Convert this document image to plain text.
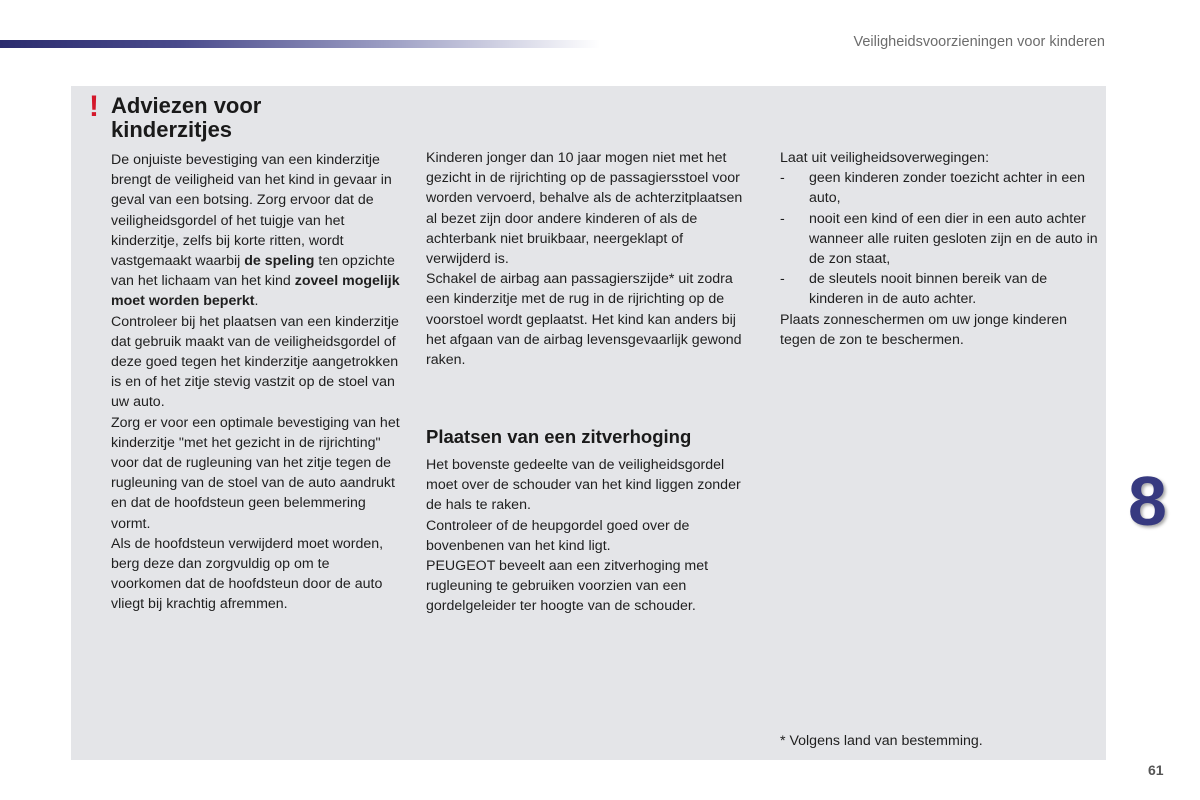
Veiligheidsvoorzieningen voor kinderen
! Adviezen voor kinderzitjes

De onjuiste bevestiging van een kinderzitje brengt de veiligheid van het kind in gevaar in geval van een botsing. Zorg ervoor dat de veiligheidsgordel of het tuigje van het kinderzitje, zelfs bij korte ritten, wordt vastgemaakt waarbij de speling ten opzichte van het lichaam van het kind zoveel mogelijk moet worden beperkt.

Controleer bij het plaatsen van een kinderzitje dat gebruik maakt van de veiligheidsgordel of deze goed tegen het kinderzitje aangetrokken is en of het zitje stevig vastzit op de stoel van uw auto.

Zorg er voor een optimale bevestiging van het kinderzitje "met het gezicht in de rijrichting" voor dat de rugleuning van het zitje tegen de rugleuning van de stoel van de auto aandrukt en dat de hoofdsteun geen belemmering vormt.

Als de hoofdsteun verwijderd moet worden, berg deze dan zorgvuldig op om te voorkomen dat de hoofdsteun door de auto vliegt bij krachtig afremmen.

Kinderen jonger dan 10 jaar mogen niet met het gezicht in de rijrichting op de passagiersstoel voor worden vervoerd, behalve als de achterzitplaatsen al bezet zijn door andere kinderen of als de achterbank niet bruikbaar, neergeklapt of verwijderd is.

Schakel de airbag aan passagierszijde* uit zodra een kinderzitje met de rug in de rijrichting op de voorstoel wordt geplaatst. Het kind kan anders bij het afgaan van de airbag levensgevaarlijk gewond raken.

Plaatsen van een zitverhoging

Het bovenste gedeelte van de veiligheidsgordel moet over de schouder van het kind liggen zonder de hals te raken.

Controleer of de heupgordel goed over de bovenbenen van het kind ligt.

PEUGEOT beveelt aan een zitverhoging met rugleuning te gebruiken voorzien van een gordelgeleider ter hoogte van de schouder.

Laat uit veiligheidsoverwegingen:

- geen kinderen zonder toezicht achter in een auto,
- nooit een kind of een dier in een auto achter wanneer alle ruiten gesloten zijn en de auto in de zon staat,
- de sleutels nooit binnen bereik van de kinderen in de auto achter.

Plaats zonneschermen om uw jonge kinderen tegen de zon te beschermen.

* Volgens land van bestemming.
8
61
